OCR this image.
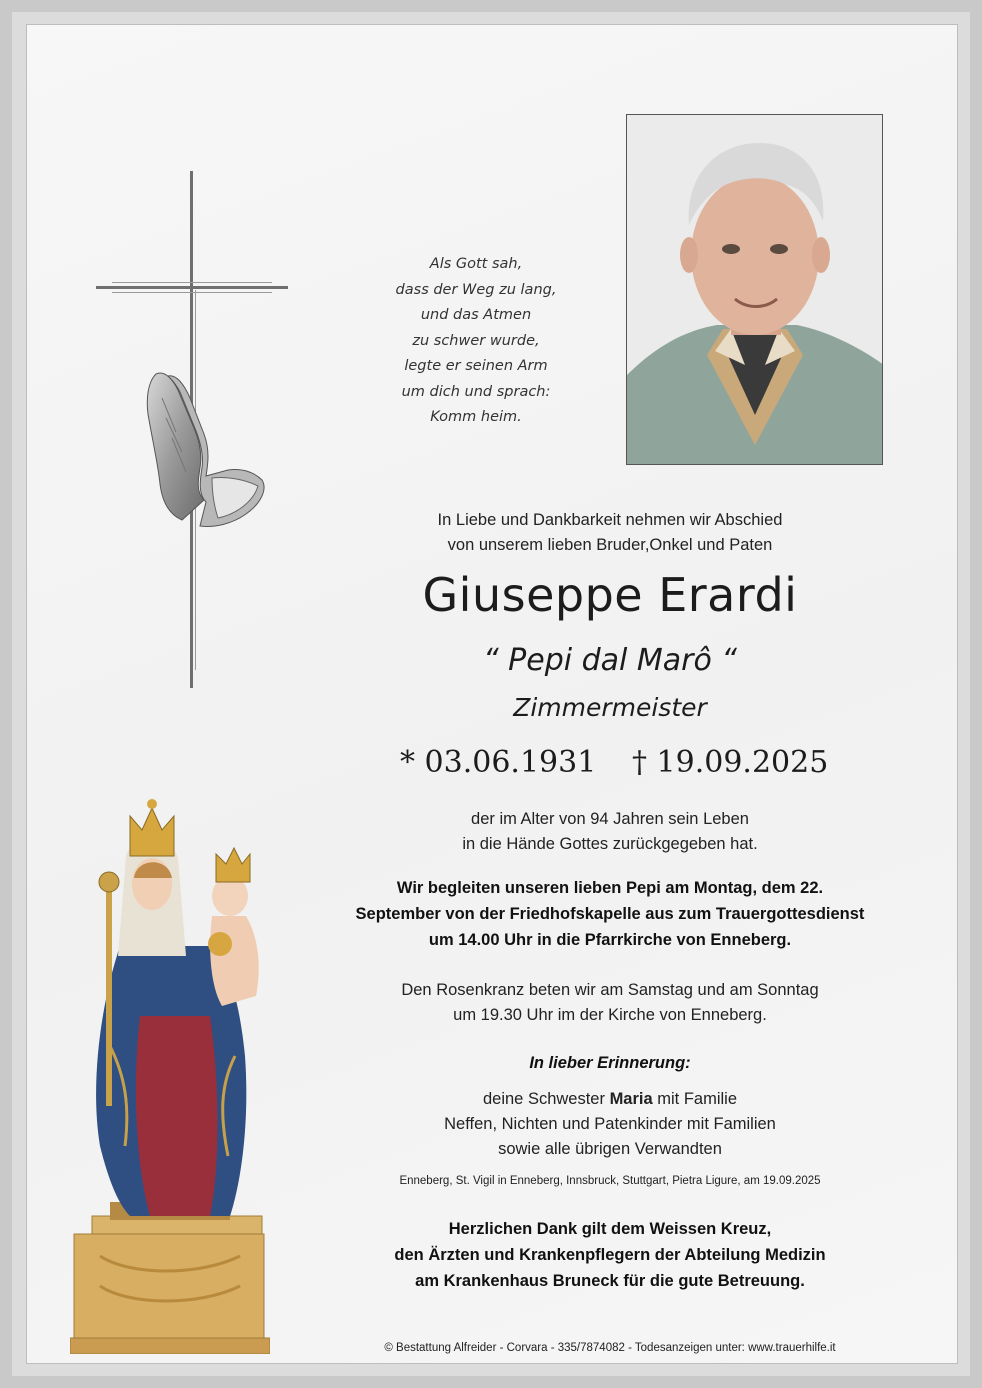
Als Gott sah,
dass der Weg zu lang,
und das Atmen
zu schwer wurde,
legte er seinen Arm
um dich und sprach:
Komm heim.
In Liebe und Dankbarkeit nehmen wir Abschied
von unserem lieben Bruder,Onkel und Paten
Giuseppe Erardi
“ Pepi dal Marô “
Zimmermeister
* 03.06.1931 † 19.09.2025
der im Alter von 94 Jahren sein Leben
in die Hände Gottes zurückgegeben hat.
Wir begleiten unseren lieben Pepi am Montag, dem 22.
September von der Friedhofskapelle aus zum Trauergottesdienst
um 14.00 Uhr in die Pfarrkirche von Enneberg.
Den Rosenkranz beten wir am Samstag und am Sonntag
um 19.30 Uhr im der Kirche von Enneberg.
In lieber Erinnerung:
deine Schwester Maria mit Familie
Neffen, Nichten und Patenkinder mit Familien
sowie alle übrigen Verwandten
Enneberg, St. Vigil in Enneberg, Innsbruck, Stuttgart, Pietra Ligure, am 19.09.2025
Herzlichen Dank gilt dem Weissen Kreuz,
den Ärzten und Krankenpflegern der Abteilung Medizin
am Krankenhaus Bruneck für die gute Betreuung.
© Bestattung Alfreider - Corvara - 335/7874082 - Todesanzeigen unter: www.trauerhilfe.it
